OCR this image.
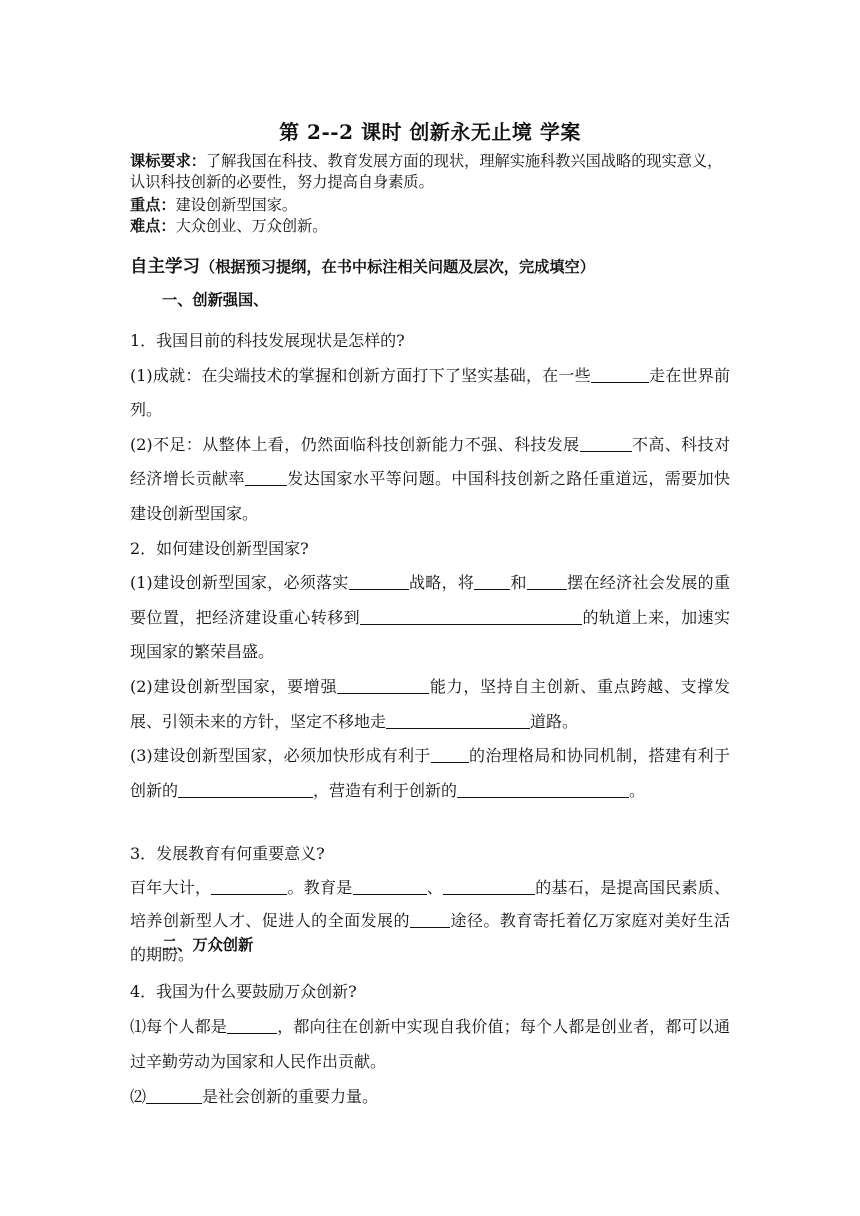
第 2--2 课时 创新永无止境 学案
课标要求：了解我国在科技、教育发展方面的现状，理解实施科教兴国战略的现实意义，认识科技创新的必要性，努力提高自身素质。
重点：建设创新型国家。
难点：大众创业、万众创新。
自主学习（根据预习提纲，在书中标注相关问题及层次，完成填空）
一、创新强国、

1．我国目前的科技发展现状是怎样的?

(1)成就：在尖端技术的掌握和创新方面打下了坚实基础，在一些	走在世界前列。

(2)不足：从整体上看，仍然面临科技创新能力不强、科技发展	不高、科技对经济增长贡献率	发达国家水平等问题。中国科技创新之路任重道远，需要加快建设创新型国家。

2．如何建设创新型国家?

(1)建设创新型国家，必须落实	战略，将 和	摆在经济社会发展的重要位置，把经济建设重心转移到	的轨道上来，加速实现国家的繁荣昌盛。

(2)建设创新型国家，要增强	能力，坚持自主创新、重点跨越、支撑发展、引领未来的方针，坚定不移地走	道路。

(3)建设创新型国家，必须加快形成有利于 的治理格局和协同机制，搭建有利于创新的	，营造有利于创新的	。

3．发展教育有何重要意义?

百年大计，	。教育是	、	的基石，是提高国民素质、培养创新型人才、促进人的全面发展的	途径。教育寄托着亿万家庭对美好生活的期盼。

二、万众创新

4．我国为什么要鼓励万众创新?

⑴每个人都是	，都向往在创新中实现自我价值；每个人都是创业者，都可以通过辛勤劳动为国家和人民作出贡献。

⑵	是社会创新的重要力量。
